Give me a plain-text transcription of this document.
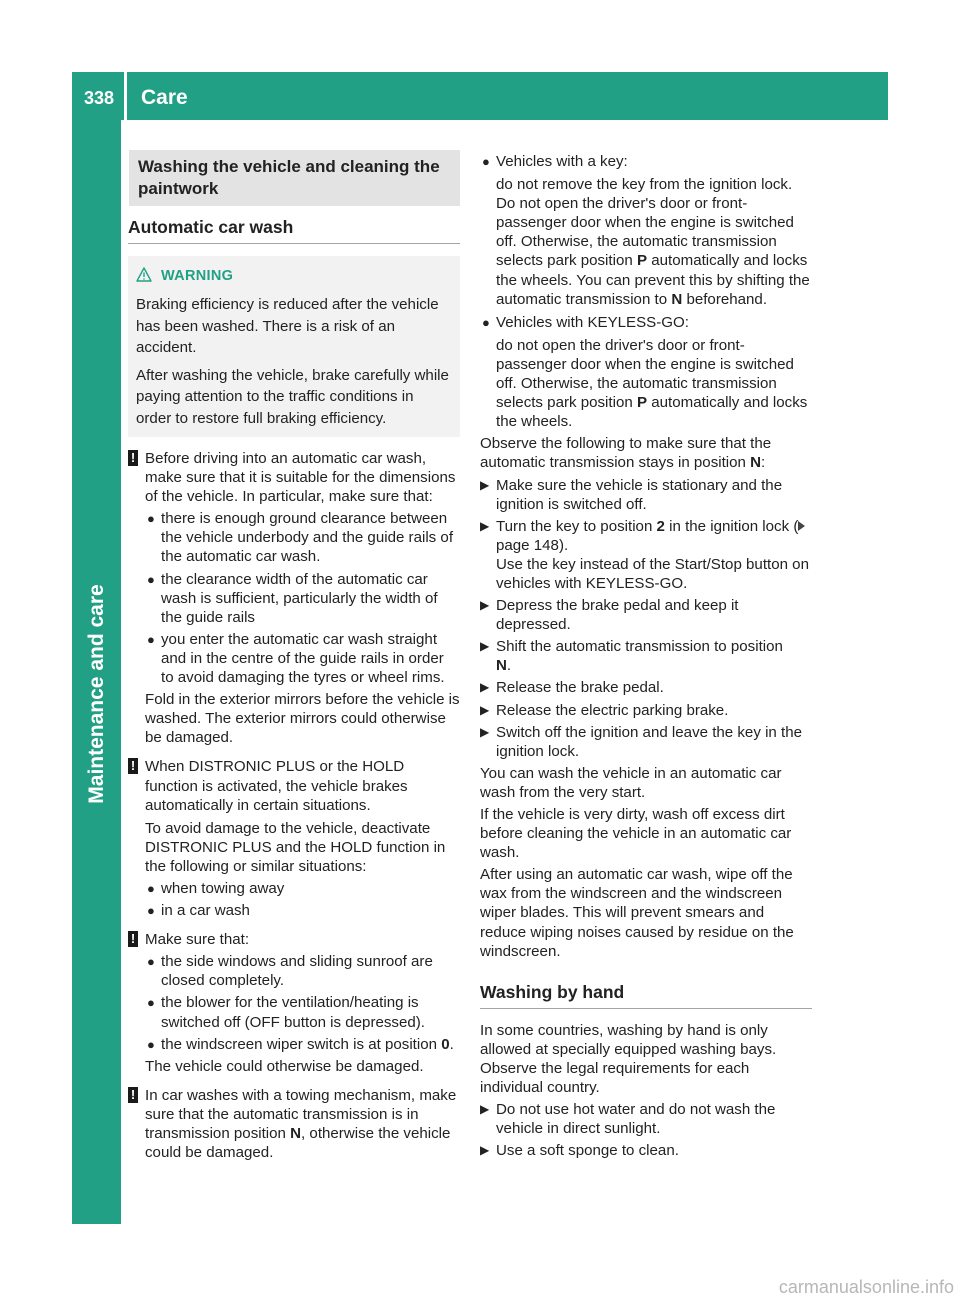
338 Care
Maintenance and care
Washing the vehicle and cleaning the paintwork
Automatic car wash
WARNING

Braking efficiency is reduced after the vehicle has been washed. There is a risk of an accident.

After washing the vehicle, brake carefully while paying attention to the traffic conditions in order to restore full braking efficiency.

! Before driving into an automatic car wash, make sure that it is suitable for the dimensions of the vehicle. In particular, make sure that:

● there is enough ground clearance between the vehicle underbody and the guide rails of the automatic car wash.
● the clearance width of the automatic car wash is sufficient, particularly the width of the guide rails
● you enter the automatic car wash straight and in the centre of the guide rails in order to avoid damaging the tyres or wheel rims.

Fold in the exterior mirrors before the vehicle is washed. The exterior mirrors could otherwise be damaged.

! When DISTRONIC PLUS or the HOLD function is activated, the vehicle brakes automatically in certain situations.

To avoid damage to the vehicle, deactivate DISTRONIC PLUS and the HOLD function in the following or similar situations:

● when towing away
● in a car wash
! Make sure that:

● the side windows and sliding sunroof are closed completely.
● the blower for the ventilation/heating is switched off (OFF button is depressed).
● the windscreen wiper switch is at position 0.

The vehicle could otherwise be damaged.

! In car washes with a towing mechanism, make sure that the automatic transmission is in transmission position N, otherwise the vehicle could be damaged.

● Vehicles with a key:
do not remove the key from the ignition lock. Do not open the driver's door or front-passenger door when the engine is switched off. Otherwise, the automatic transmission selects park position P automatically and locks the wheels. You can prevent this by shifting the automatic transmission to N beforehand.
● Vehicles with KEYLESS-GO:
do not open the driver's door or front-passenger door when the engine is switched off. Otherwise, the automatic transmission selects park position P automatically and locks the wheels.

Observe the following to make sure that the automatic transmission stays in position N:

▶ Make sure the vehicle is stationary and the ignition is switched off.
▶ Turn the key to position 2 in the ignition lock (page 148).
Use the key instead of the Start/Stop button on vehicles with KEYLESS-GO.
▶ Depress the brake pedal and keep it depressed.
▶ Shift the automatic transmission to position
N.
▶ Release the brake pedal.
▶ Release the electric parking brake.
▶ Switch off the ignition and leave the key in the ignition lock.

You can wash the vehicle in an automatic car wash from the very start.

If the vehicle is very dirty, wash off excess dirt before cleaning the vehicle in an automatic car wash.

After using an automatic car wash, wipe off the wax from the windscreen and the windscreen wiper blades. This will prevent smears and reduce wiping noises caused by residue on the windscreen.

Washing by hand

In some countries, washing by hand is only allowed at specially equipped washing bays. Observe the legal requirements for each individual country.

▶ Do not use hot water and do not wash the vehicle in direct sunlight.
▶ Use a soft sponge to clean.
carmanualsonline.info
